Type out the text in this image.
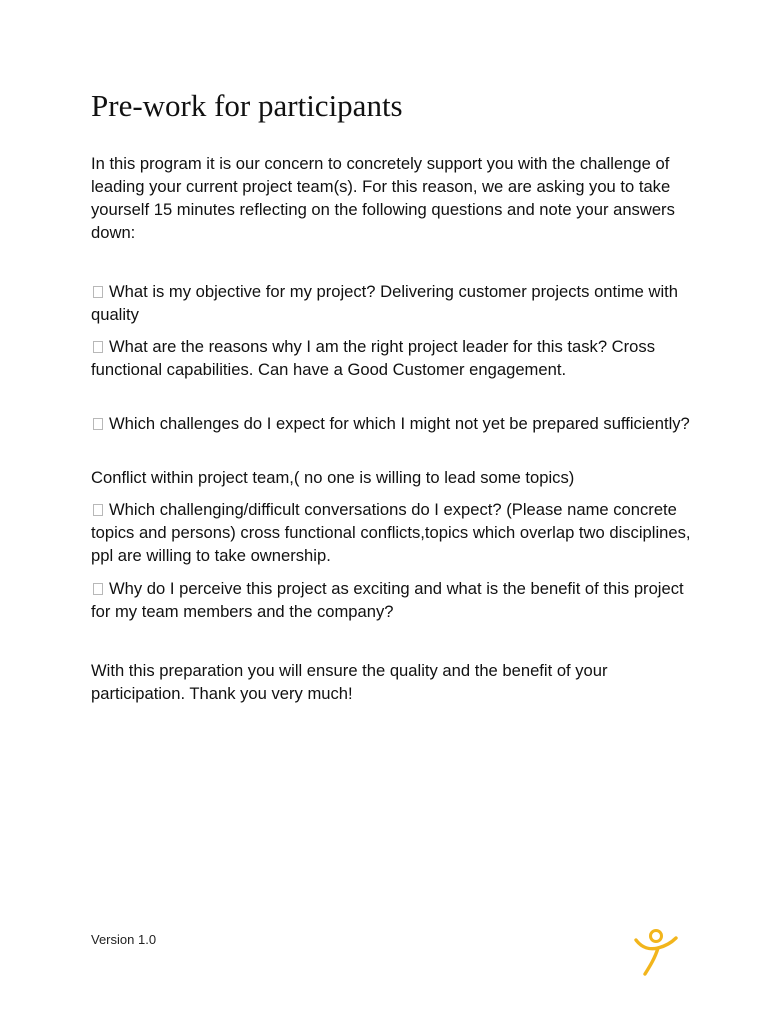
Pre-work for participants

In this program it is our concern to concretely support you with the challenge of leading your current project team(s). For this reason, we are asking you to take yourself 15 minutes reflecting on the following questions and note your answers down:

What is my objective for my project? Delivering customer projects ontime with quality

What are the reasons why I am the right project leader for this task? Cross functional capabilities. Can have a Good Customer engagement.

Which challenges do I expect for which I might not yet be prepared sufficiently?

Conflict within project team,( no one is willing to lead some topics)

Which challenging/difficult conversations do I expect? (Please name concrete topics and persons) cross functional conflicts,topics which overlap two disciplines, ppl are willing to take ownership.

Why do I perceive this project as exciting and what is the benefit of this project for my team members and the company?

With this preparation you will ensure the quality and the benefit of your participation. Thank you very much!

Version 1.0
